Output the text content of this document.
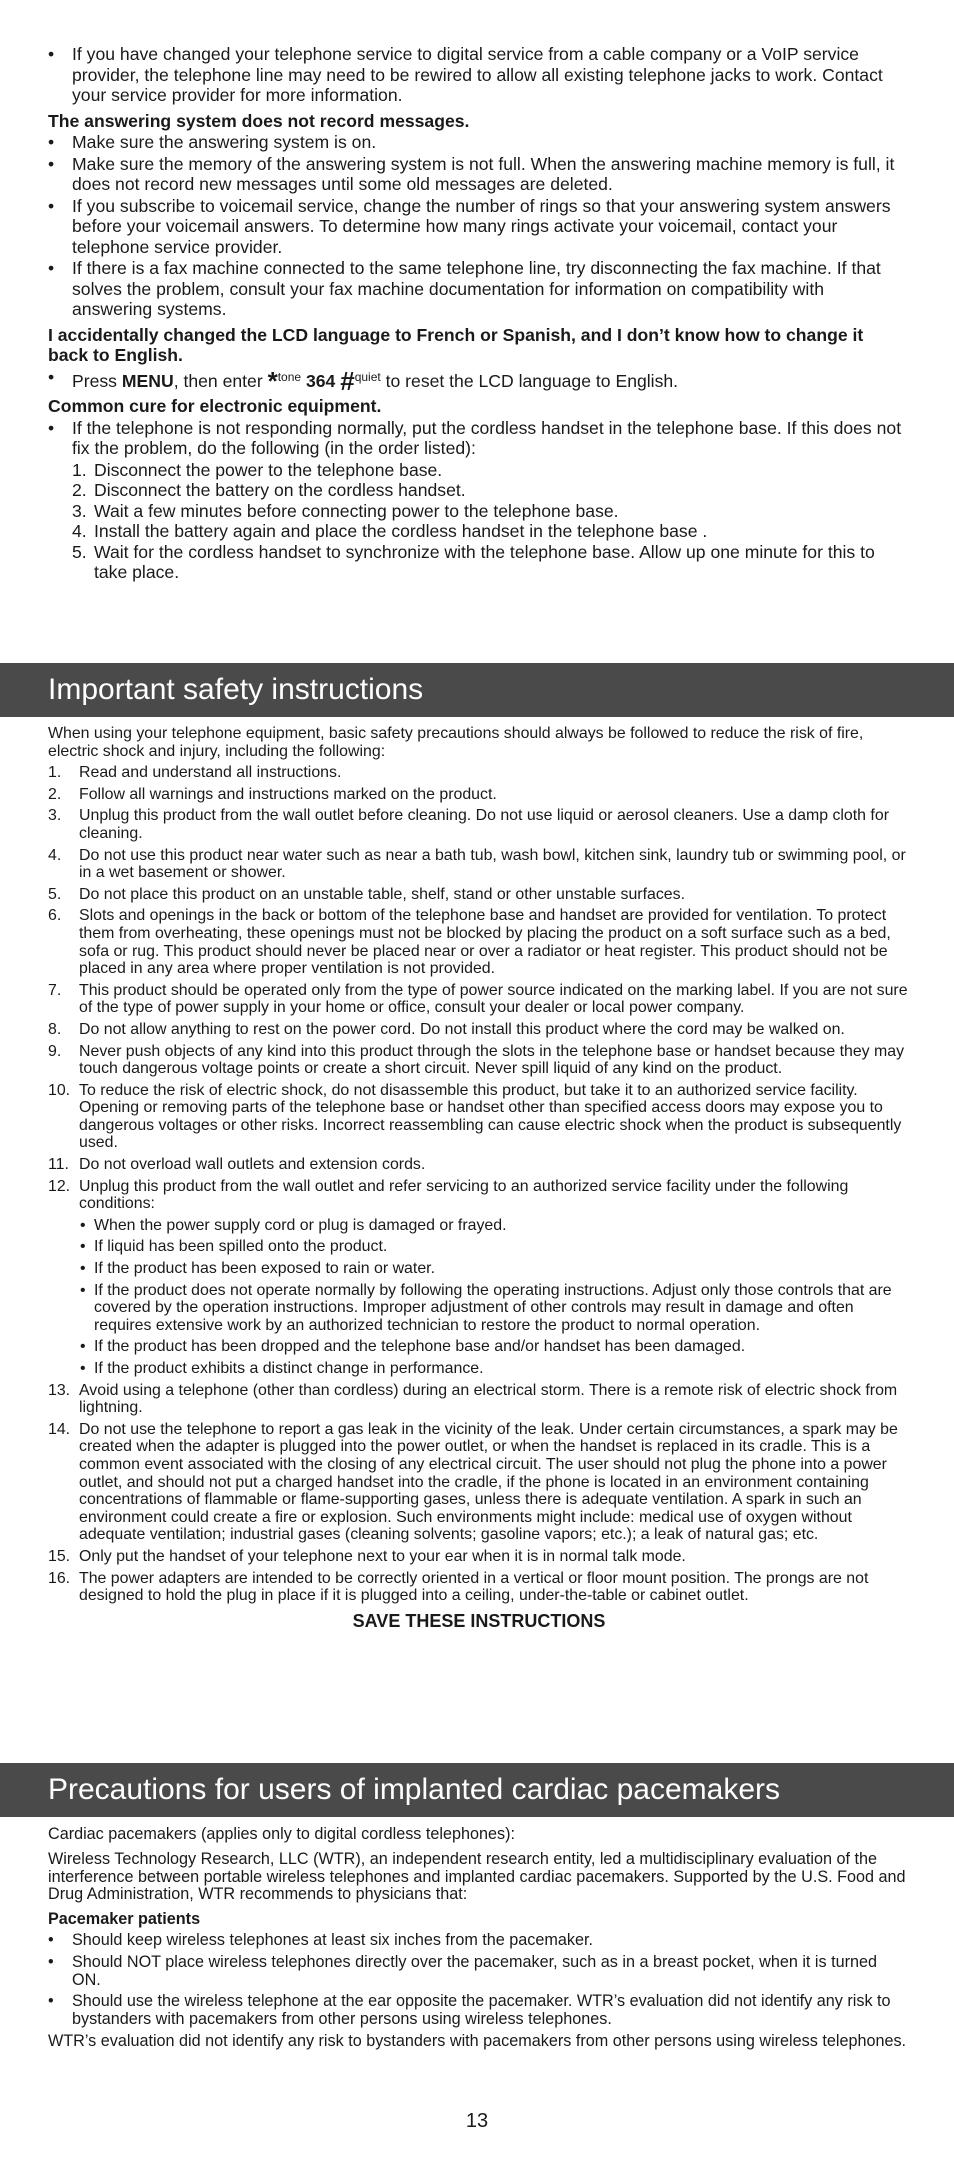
• If you have changed your telephone service to digital service from a cable company or a VoIP service provider, the telephone line may need to be rewired to allow all existing telephone jacks to work. Contact your service provider for more information.
The answering system does not record messages.
• Make sure the answering system is on.
• Make sure the memory of the answering system is not full. When the answering machine memory is full, it does not record new messages until some old messages are deleted.
• If you subscribe to voicemail service, change the number of rings so that your answering system answers before your voicemail answers. To determine how many rings activate your voicemail, contact your telephone service provider.
• If there is a fax machine connected to the same telephone line, try disconnecting the fax machine. If that solves the problem, consult your fax machine documentation for information on compatibility with answering systems.
I accidentally changed the LCD language to French or Spanish, and I don’t know how to change it back to English.
• Press MENU, then enter *$^{tone}$ 364 #$^{quiet}$ to reset the LCD language to English.
Common cure for electronic equipment.
• If the telephone is not responding normally, put the cordless handset in the telephone base. If this does not fix the problem, do the following (in the order listed):
1. Disconnect the power to the telephone base.
2. Disconnect the battery on the cordless handset.
3. Wait a few minutes before connecting power to the telephone base.
4. Install the battery again and place the cordless handset in the telephone base .
5. Wait for the cordless handset to synchronize with the telephone base. Allow up one minute for this to take place.
Important safety instructions
When using your telephone equipment, basic safety precautions should always be followed to reduce the risk of fire, electric shock and injury, including the following:
1. Read and understand all instructions.
2. Follow all warnings and instructions marked on the product.
3. Unplug this product from the wall outlet before cleaning. Do not use liquid or aerosol cleaners. Use a damp cloth for cleaning.
4. Do not use this product near water such as near a bath tub, wash bowl, kitchen sink, laundry tub or swimming pool, or in a wet basement or shower.
5. Do not place this product on an unstable table, shelf, stand or other unstable surfaces.
6. Slots and openings in the back or bottom of the telephone base and handset are provided for ventilation. To protect them from overheating, these openings must not be blocked by placing the product on a soft surface such as a bed, sofa or rug. This product should never be placed near or over a radiator or heat register. This product should not be placed in any area where proper ventilation is not provided.
7. This product should be operated only from the type of power source indicated on the marking label. If you are not sure of the type of power supply in your home or office, consult your dealer or local power company.
8. Do not allow anything to rest on the power cord. Do not install this product where the cord may be walked on.
9. Never push objects of any kind into this product through the slots in the telephone base or handset because they may touch dangerous voltage points or create a short circuit. Never spill liquid of any kind on the product.
10. To reduce the risk of electric shock, do not disassemble this product, but take it to an authorized service facility. Opening or removing parts of the telephone base or handset other than specified access doors may expose you to dangerous voltages or other risks. Incorrect reassembling can cause electric shock when the product is subsequently used.
11. Do not overload wall outlets and extension cords.
12. Unplug this product from the wall outlet and refer servicing to an authorized service facility under the following conditions:
• When the power supply cord or plug is damaged or frayed.
• If liquid has been spilled onto the product.
• If the product has been exposed to rain or water.
• If the product does not operate normally by following the operating instructions. Adjust only those controls that are covered by the operation instructions. Improper adjustment of other controls may result in damage and often requires extensive work by an authorized technician to restore the product to normal operation.
• If the product has been dropped and the telephone base and/or handset has been damaged.
• If the product exhibits a distinct change in performance.
13. Avoid using a telephone (other than cordless) during an electrical storm. There is a remote risk of electric shock from lightning.
14. Do not use the telephone to report a gas leak in the vicinity of the leak. Under certain circumstances, a spark may be created when the adapter is plugged into the power outlet, or when the handset is replaced in its cradle. This is a common event associated with the closing of any electrical circuit. The user should not plug the phone into a power outlet, and should not put a charged handset into the cradle, if the phone is located in an environment containing concentrations of flammable or flame-supporting gases, unless there is adequate ventilation. A spark in such an environment could create a fire or explosion. Such environments might include: medical use of oxygen without adequate ventilation; industrial gases (cleaning solvents; gasoline vapors; etc.); a leak of natural gas; etc.
15. Only put the handset of your telephone next to your ear when it is in normal talk mode.
16. The power adapters are intended to be correctly oriented in a vertical or floor mount position. The prongs are not designed to hold the plug in place if it is plugged into a ceiling, under-the-table or cabinet outlet.
SAVE THESE INSTRUCTIONS
Precautions for users of implanted cardiac pacemakers

Cardiac pacemakers (applies only to digital cordless telephones):

Wireless Technology Research, LLC (WTR), an independent research entity, led a multidisciplinary evaluation of the interference between portable wireless telephones and implanted cardiac pacemakers. Supported by the U.S. Food and Drug Administration, WTR recommends to physicians that:

Pacemaker patients
• Should keep wireless telephones at least six inches from the pacemaker.
• Should NOT place wireless telephones directly over the pacemaker, such as in a breast pocket, when it is turned ON.
• Should use the wireless telephone at the ear opposite the pacemaker. WTR’s evaluation did not identify any risk to bystanders with pacemakers from other persons using wireless telephones.

WTR’s evaluation did not identify any risk to bystanders with pacemakers from other persons using wireless telephones.

13
